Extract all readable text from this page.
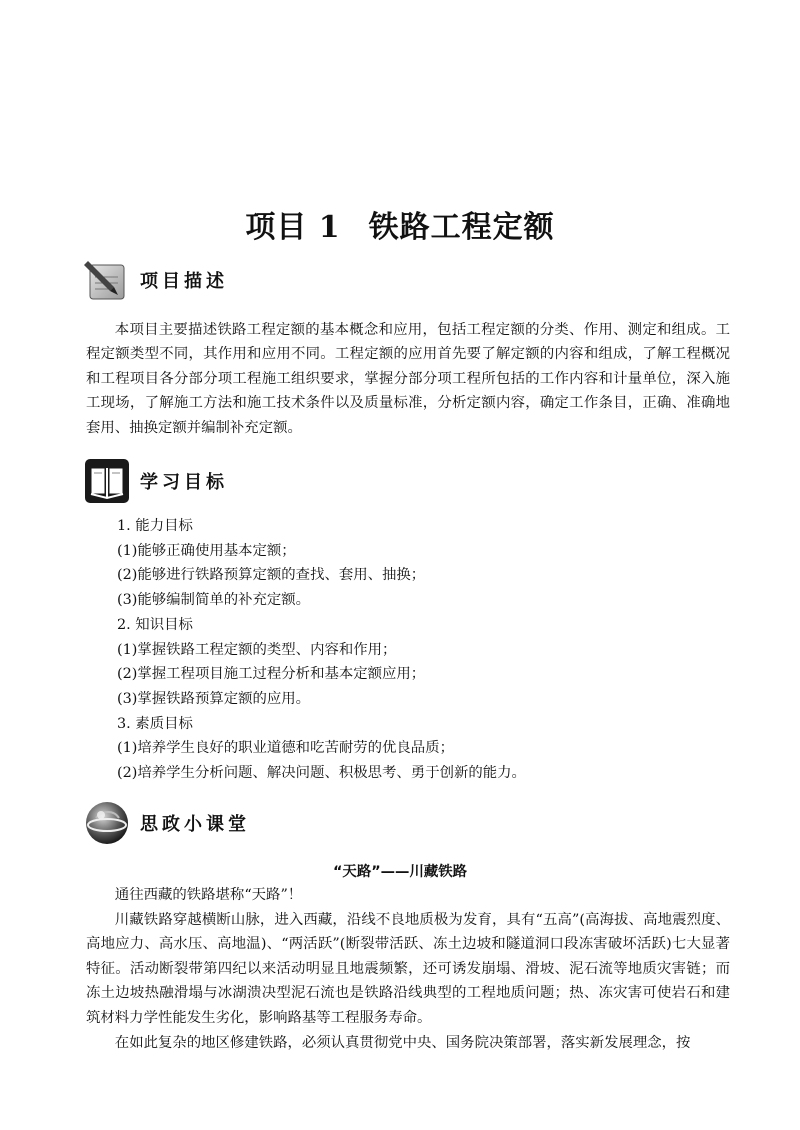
项目 1 铁路工程定额
项目描述

本项目主要描述铁路工程定额的基本概念和应用，包括工程定额的分类、作用、测定和组成。工程定额类型不同，其作用和应用不同。工程定额的应用首先要了解定额的内容和组成，了解工程概况和工程项目各分部分项工程施工组织要求，掌握分部分项工程所包括的工作内容和计量单位，深入施工现场，了解施工方法和施工技术条件以及质量标准，分析定额内容，确定工作条目，正确、准确地套用、抽换定额并编制补充定额。

学习目标
1. 能力目标
(1)能够正确使用基本定额；
(2)能够进行铁路预算定额的查找、套用、抽换；
(3)能够编制简单的补充定额。
2. 知识目标
(1)掌握铁路工程定额的类型、内容和作用；
(2)掌握工程项目施工过程分析和基本定额应用；
(3)掌握铁路预算定额的应用。
3. 素质目标
(1)培养学生良好的职业道德和吃苦耐劳的优良品质；
(2)培养学生分析问题、解决问题、积极思考、勇于创新的能力。
思政小课堂
“天路”——川藏铁路

通往西藏的铁路堪称“天路”！

川藏铁路穿越横断山脉，进入西藏，沿线不良地质极为发育，具有“五高”(高海拔、高地震烈度、高地应力、高水压、高地温)、“两活跃”(断裂带活跃、冻土边坡和隧道洞口段冻害破坏活跃)七大显著特征。活动断裂带第四纪以来活动明显且地震频繁，还可诱发崩塌、滑坡、泥石流等地质灾害链；而冻土边坡热融滑塌与冰湖溃决型泥石流也是铁路沿线典型的工程地质问题；热、冻灾害可使岩石和建筑材料力学性能发生劣化，影响路基等工程服务寿命。

在如此复杂的地区修建铁路，必须认真贯彻党中央、国务院决策部署，落实新发展理念，按
